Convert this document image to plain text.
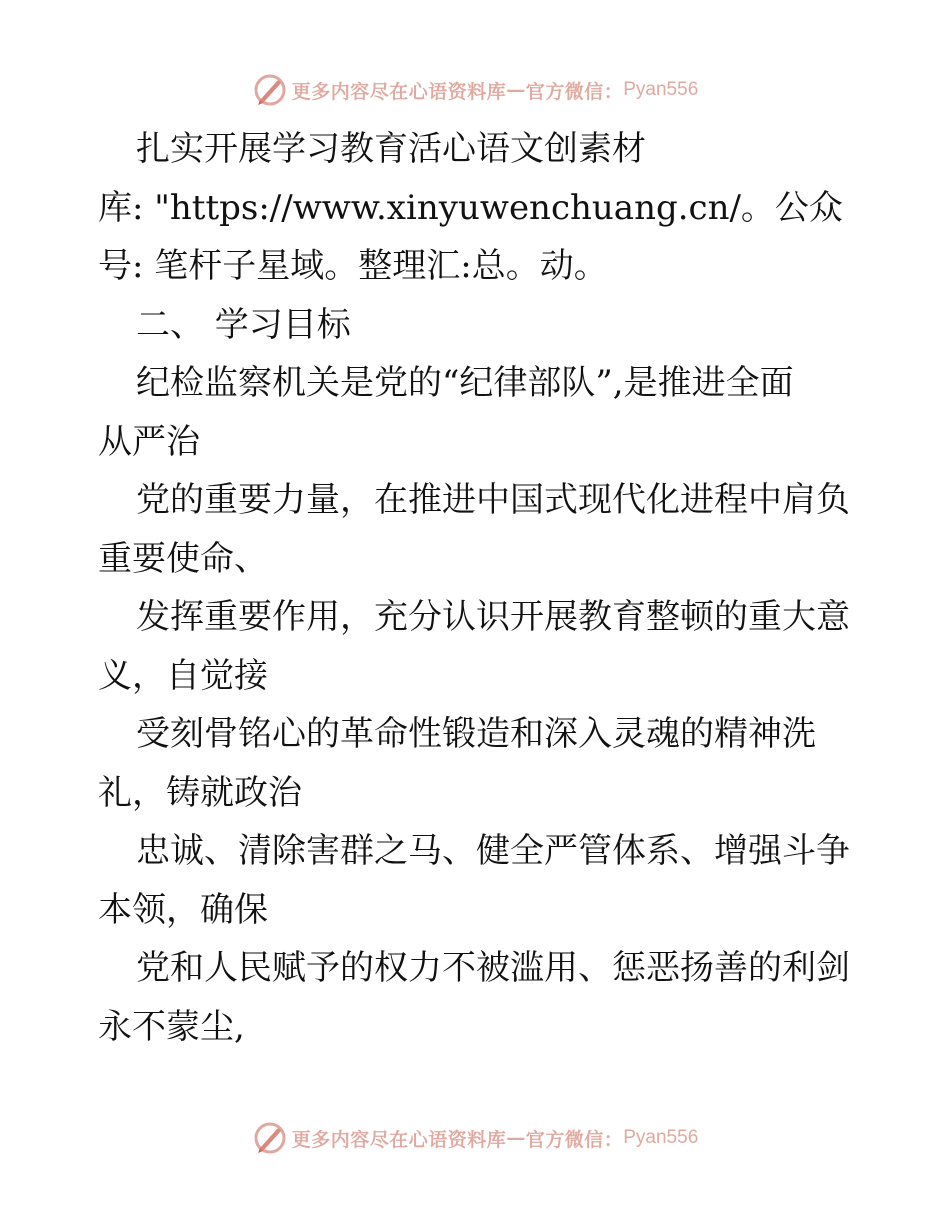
更多内容尽在心语资料库 — 官方微信： Pyan556
扎实开展学习教育活心语文创素材
库: "https://www.xinyuwenchuang.cn/。公众
号: 笔杆子星域。整理汇:总。动。
二、 学习目标
纪检监察机关是党的“纪律部队”,是推进全面
从严治
党的重要力量，在推进中国式现代化进程中肩负
重要使命、
发挥重要作用，充分认识开展教育整顿的重大意
义，自觉接
受刻骨铭心的革命性锻造和深入灵魂的精神洗
礼，铸就政治
忠诚、清除害群之马、健全严管体系、增强斗争
本领，确保
党和人民赋予的权力不被滥用、惩恶扬善的利剑
永不蒙尘,
更多内容尽在心语资料库 — 官方微信： Pyan556
